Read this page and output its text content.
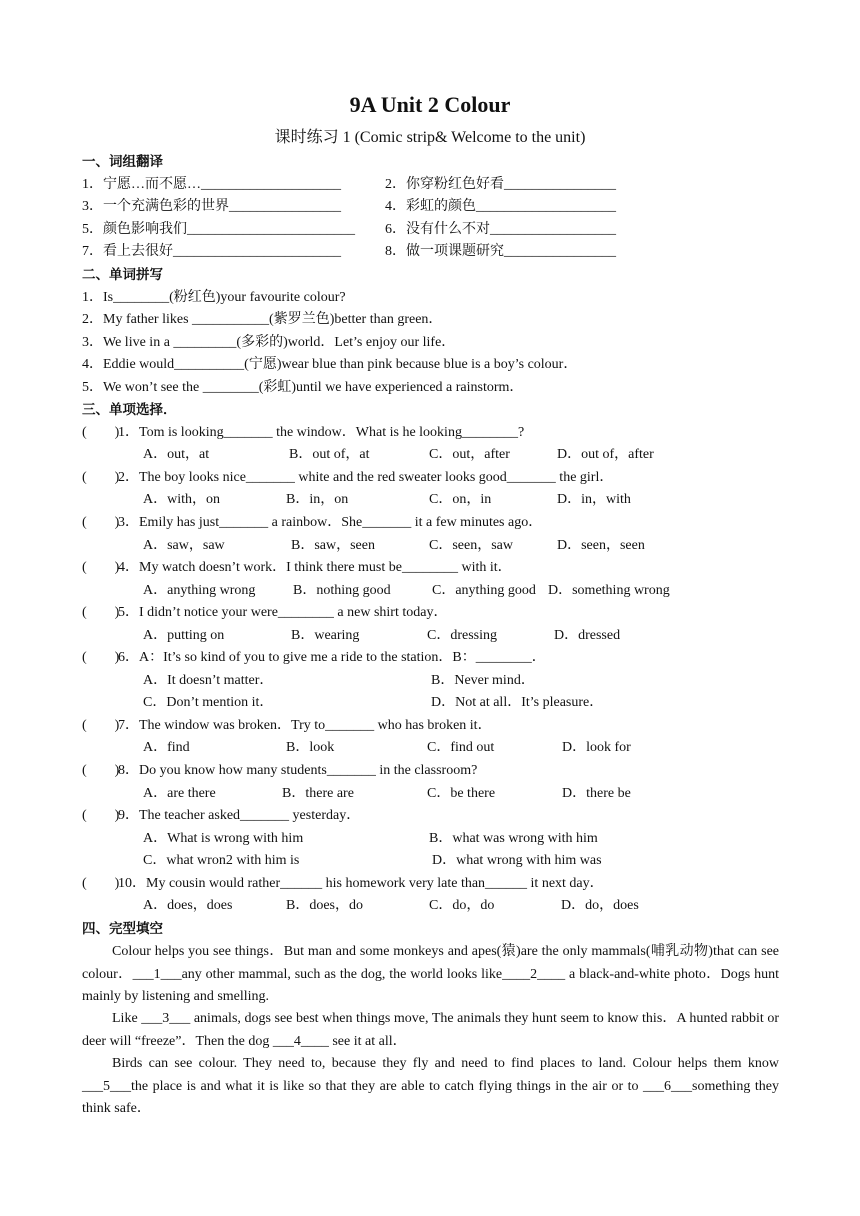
9A Unit 2 Colour
课时练习 1 (Comic strip& Welcome to the unit)
一、词组翻译
1．宁愿…而不愿…____________________	2．你穿粉红色好看________________
3．一个充满色彩的世界________________	4．彩虹的颜色____________________
5．颜色影响我们________________________ 6．没有什么不对__________________
7．看上去很好________________________	8．做一项课题研究________________
二、单词拼写
1．Is________(粉红色)your favourite colour?
2．My father likes ___________(紫罗兰色)better than green．
3．We live in a _________(多彩的)world．Let’s enjoy our life．
4．Eddie would__________(宁愿)wear blue than pink because blue is a boy’s colour．
5．We won’t see the ________(彩虹)until we have experienced a rainstorm．
三、单项选择．
(        )
1．Tom is looking_______ the window．What is he looking________?
A．out，at	B．out of，at	C．out，after	D．out of，after
(        )
2．The boy looks nice_______ white and the red sweater looks good_______ the girl．
A．with，on	B．in，on	C．on，in	D．in，with
(        )
3．Emily has just_______ a rainbow．She_______ it a few minutes ago．
A．saw，saw	B．saw，seen	C．seen，saw	D．seen，seen
(        )
4．My watch doesn’t work．I think there must be________ with it．
A．anything wrong	B．nothing good	C．anything good D．something wrong
(        )
5．I didn’t notice your were________ a new shirt today．
A．putting on	B．wearing	C．dressing	D．dressed
(        )
6．A：It’s so kind of you to give me a ride to the station．B：________．
A．It doesn’t matter．	B．Never mind．
C．Don’t mention it．	D．Not at all．It’s pleasure．
(        )
7．The window was broken．Try to_______ who has broken it．
A．find	B．look	C．find out	D．look for
(        )
8．Do you know how many students_______ in the classroom?
A．are there	B．there are	C．be there	D．there be
(        )
9．The teacher asked_______ yesterday．
A．What is wrong with him	B．what was wrong with him
C．what wron2 with him is	D．what wrong with him was
(        )
10．My cousin would rather______ his homework very late than______ it next day．
A．does，does	B．does，do	C．do，do	D．do，does
四、完型填空
Colour helps you see things．But man and some monkeys and apes(猿)are the only mammals(哺乳动物)that can see colour．___1___any other mammal, such as the dog, the world looks like____2____ a black-and-white photo．Dogs hunt mainly by listening and smelling.
Like ___3___ animals, dogs see best when things move, The animals they hunt seem to know this．A hunted rabbit or deer will “freeze”．Then the dog ___4____ see it at all．
Birds can see colour. They need to, because they fly and need to find places to land. Colour helps them know ___5___the place is and what it is like so that they are able to catch flying things in the air or to ___6___something they think safe．
